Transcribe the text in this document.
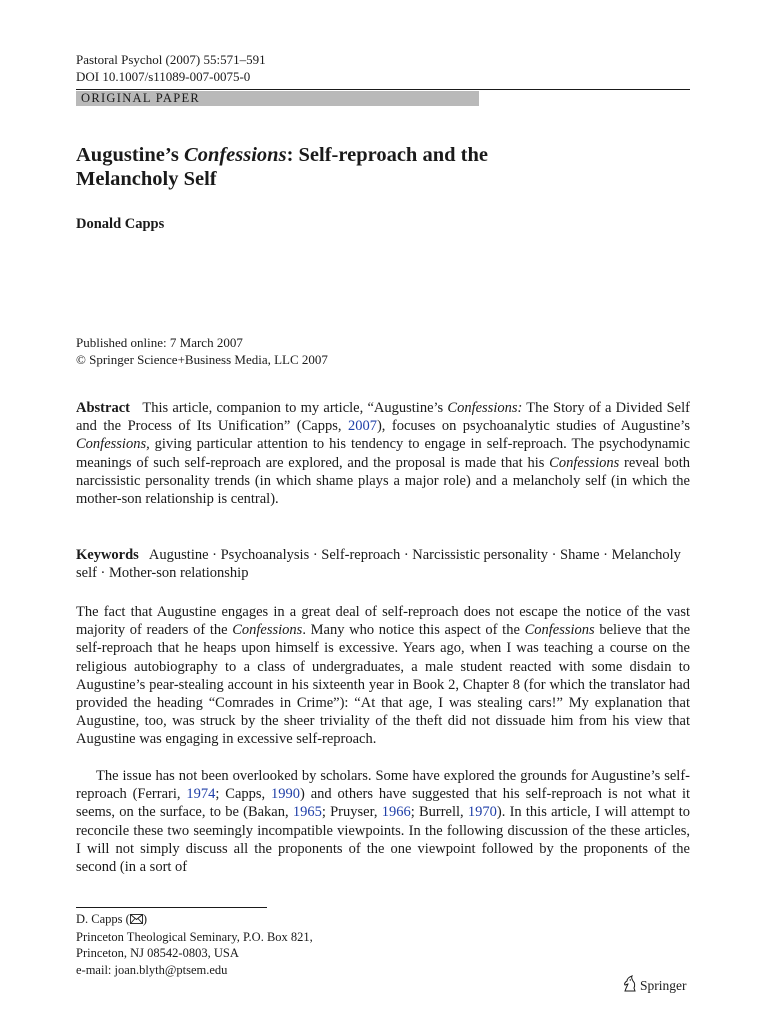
Pastoral Psychol (2007) 55:571–591
DOI 10.1007/s11089-007-0075-0
ORIGINAL PAPER
Augustine’s Confessions: Self-reproach and the
Melancholy Self
Donald Capps
Published online: 7 March 2007
© Springer Science+Business Media, LLC 2007
Abstract This article, companion to my article, “Augustine’s Confessions: The Story of a Divided Self and the Process of Its Unification” (Capps, 2007), focuses on psychoanalytic studies of Augustine’s Confessions, giving particular attention to his tendency to engage in self-reproach. The psychodynamic meanings of such self-reproach are explored, and the proposal is made that his Confessions reveal both narcissistic personality trends (in which shame plays a major role) and a melancholy self (in which the mother-son relationship is central).
Keywords Augustine · Psychoanalysis · Self-reproach · Narcissistic personality · Shame · Melancholy self · Mother-son relationship
The fact that Augustine engages in a great deal of self-reproach does not escape the notice of the vast majority of readers of the Confessions. Many who notice this aspect of the Confessions believe that the self-reproach that he heaps upon himself is excessive. Years ago, when I was teaching a course on the religious autobiography to a class of undergraduates, a male student reacted with some disdain to Augustine’s pear-stealing account in his sixteenth year in Book 2, Chapter 8 (for which the translator had provided the heading “Comrades in Crime”): “At that age, I was stealing cars!” My explanation that Augustine, too, was struck by the sheer triviality of the theft did not dissuade him from his view that Augustine was engaging in excessive self-reproach.
The issue has not been overlooked by scholars. Some have explored the grounds for Augustine’s self-reproach (Ferrari, 1974; Capps, 1990) and others have suggested that his self-reproach is not what it seems, on the surface, to be (Bakan, 1965; Pruyser, 1966; Burrell, 1970). In this article, I will attempt to reconcile these two seemingly incompatible viewpoints. In the following discussion of the these articles, I will not simply discuss all the proponents of the one viewpoint followed by the proponents of the second (in a sort of
D. Capps ( )
Princeton Theological Seminary, P.O. Box 821,
Princeton, NJ 08542-0803, USA
e-mail: joan.blyth@ptsem.edu
Springer
